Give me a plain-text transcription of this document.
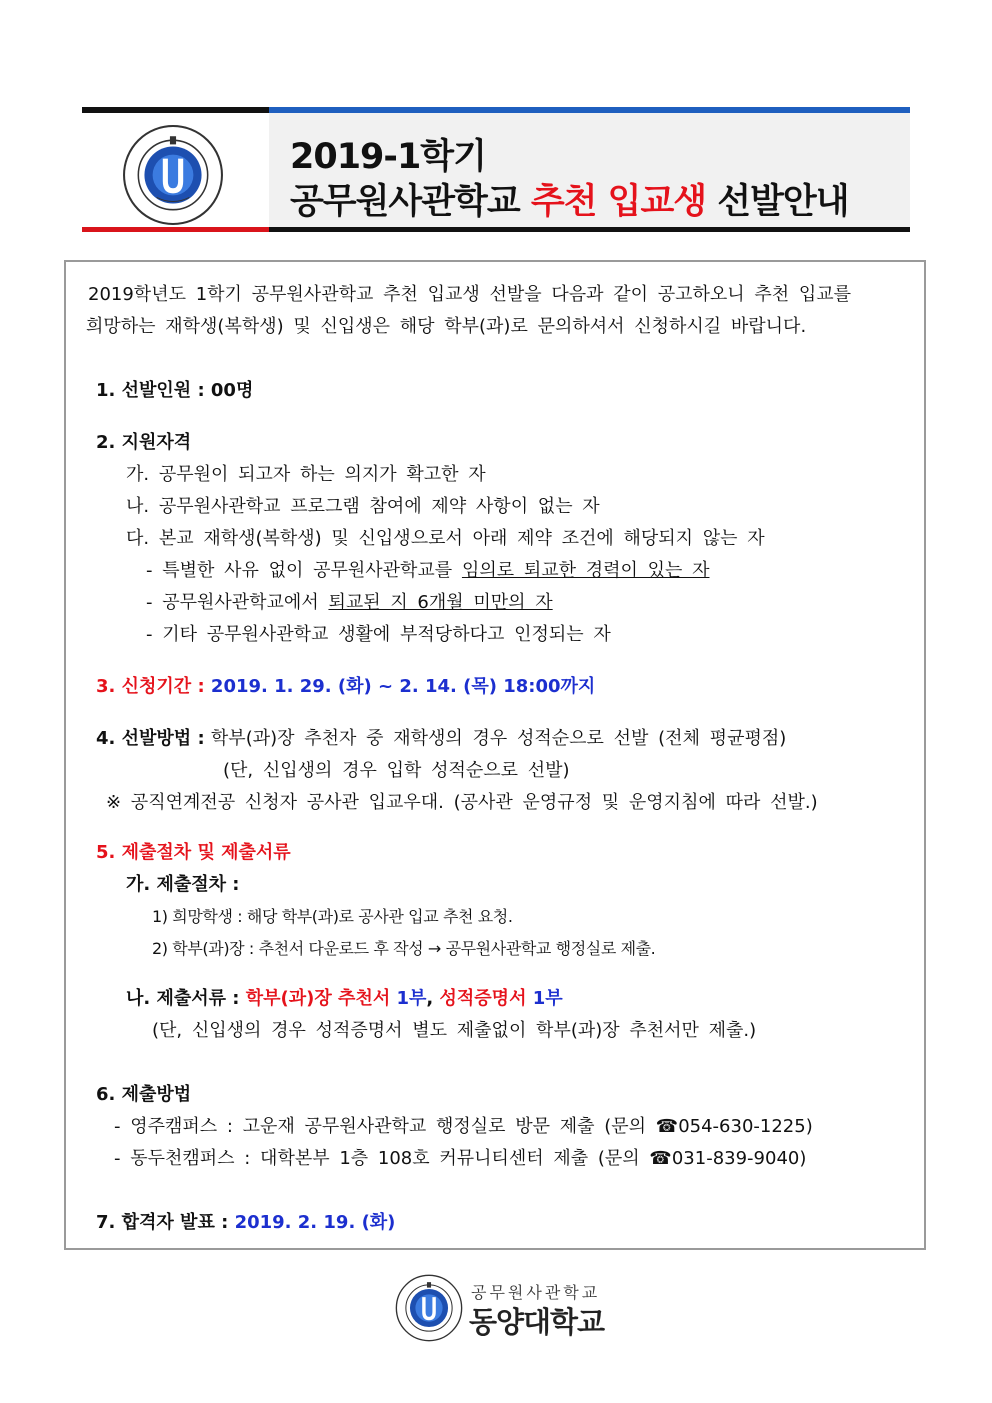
2019-1학기
공무원사관학교 추천 입교생 선발안내
2019학년도 1학기 공무원사관학교 추천 입교생 선발을 다음과 같이 공고하오니 추천 입교를
희망하는 재학생(복학생) 및 신입생은 해당 학부(과)로 문의하셔서 신청하시길 바랍니다.
1. 선발인원 : 00명
2. 지원자격
가. 공무원이 되고자 하는 의지가 확고한 자
나. 공무원사관학교 프로그램 참여에 제약 사항이 없는 자
다. 본교 재학생(복학생) 및 신입생으로서 아래 제약 조건에 해당되지 않는 자
- 특별한 사유 없이 공무원사관학교를 임의로 퇴교한 경력이 있는 자
- 공무원사관학교에서 퇴교된 지 6개월 미만의 자
- 기타 공무원사관학교 생활에 부적당하다고 인정되는 자
3. 신청기간 : 2019. 1. 29. (화) ~ 2. 14. (목) 18:00까지
4. 선발방법 : 학부(과)장 추천자 중 재학생의 경우 성적순으로 선발 (전체 평균평점)
(단, 신입생의 경우 입학 성적순으로 선발)
※ 공직연계전공 신청자 공사관 입교우대. (공사관 운영규정 및 운영지침에 따라 선발.)
5. 제출절차 및 제출서류
가. 제출절차 :
1) 희망학생 : 해당 학부(과)로 공사관 입교 추천 요청.
2) 학부(과)장 : 추천서 다운로드 후 작성 → 공무원사관학교 행정실로 제출.
나. 제출서류 : 학부(과)장 추천서 1부, 성적증명서 1부
(단, 신입생의 경우 성적증명서 별도 제출없이 학부(과)장 추천서만 제출.)
6. 제출방법
- 영주캠퍼스 : 고운재 공무원사관학교 행정실로 방문 제출 (문의 ☎054-630-1225)
- 동두천캠퍼스 : 대학본부 1층 108호 커뮤니티센터 제출 (문의 ☎031-839-9040)
7. 합격자 발표 : 2019. 2. 19. (화)
공무원사관학교
동양대학교
